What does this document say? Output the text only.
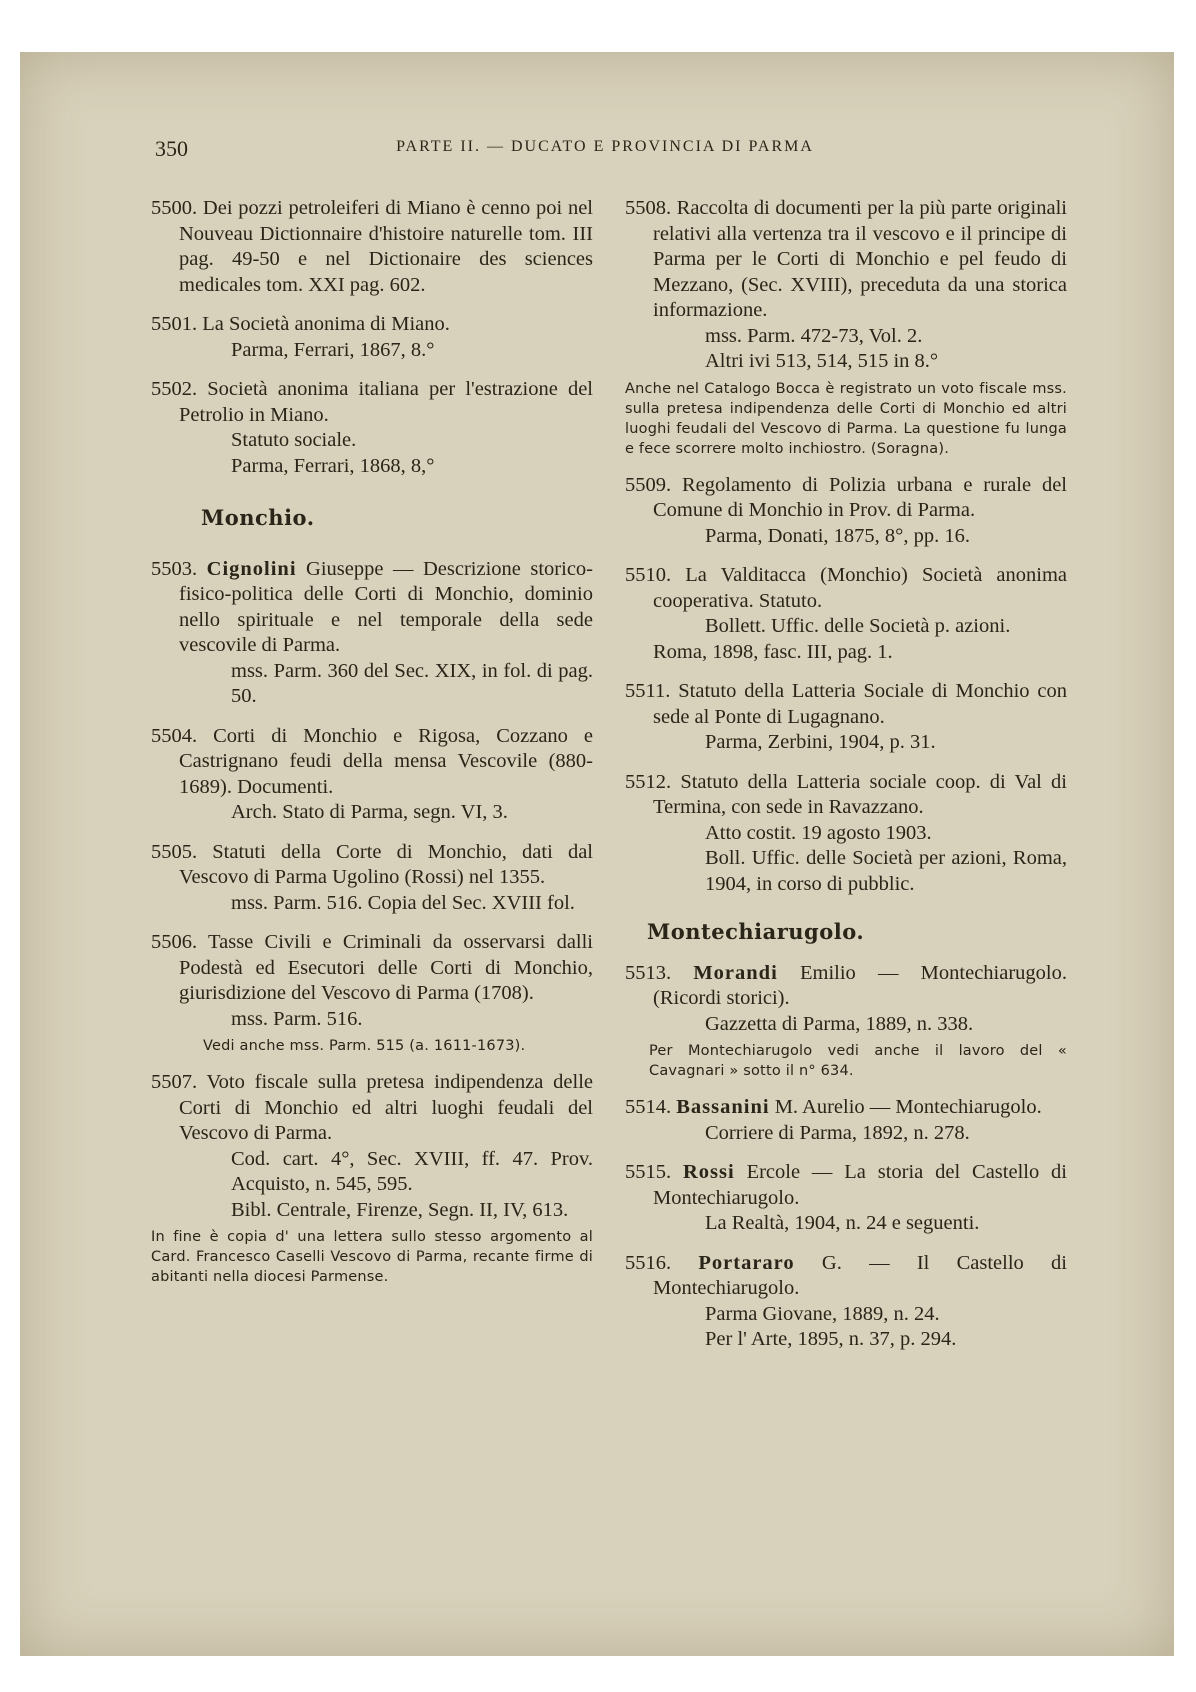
350	PARTE II. — DUCATO E PROVINCIA DI PARMA
5500. Dei pozzi petroleiferi di Miano è cenno poi nel Nouveau Dictionnaire d'histoire naturelle tom. III pag. 49-50 e nel Dictionaire des sciences medicales tom. XXI pag. 602.
5501. La Società anonima di Miano.
Parma, Ferrari, 1867, 8.°
5502. Società anonima italiana per l'estrazione del Petrolio in Miano.
Statuto sociale.
Parma, Ferrari, 1868, 8,°
Monchio.
5503. Cignolini Giuseppe — Descrizione storico-fisico-politica delle Corti di Monchio, dominio nello spirituale e nel temporale della sede vescovile di Parma.
mss. Parm. 360 del Sec. XIX, in fol. di pag. 50.
5504. Corti di Monchio e Rigosa, Cozzano e Castrignano feudi della mensa Vescovile (880-1689). Documenti.
Arch. Stato di Parma, segn. VI, 3.
5505. Statuti della Corte di Monchio, dati dal Vescovo di Parma Ugolino (Rossi) nel 1355.
mss. Parm. 516. Copia del Sec. XVIII fol.
5506. Tasse Civili e Criminali da osservarsi dalli Podestà ed Esecutori delle Corti di Monchio, giurisdizione del Vescovo di Parma (1708).
mss. Parm. 516.
Vedi anche mss. Parm. 515 (a. 1611-1673).
5507. Voto fiscale sulla pretesa indipendenza delle Corti di Monchio ed altri luoghi feudali del Vescovo di Parma.
Cod. cart. 4°, Sec. XVIII, ff. 47. Prov. Acquisto, n. 545, 595.
Bibl. Centrale, Firenze, Segn. II, IV, 613.
In fine è copia d' una lettera sullo stesso argomento al Card. Francesco Caselli Vescovo di Parma, recante firme di abitanti nella diocesi Parmense.
5508. Raccolta di documenti per la più parte originali relativi alla vertenza tra il vescovo e il principe di Parma per le Corti di Monchio e pel feudo di Mezzano, (Sec. XVIII), preceduta da una storica informazione.
mss. Parm. 472-73, Vol. 2.
Altri ivi 513, 514, 515 in 8.°
Anche nel Catalogo Bocca è registrato un voto fiscale mss. sulla pretesa indipendenza delle Corti di Monchio ed altri luoghi feudali del Vescovo di Parma. La questione fu lunga e fece scorrere molto inchiostro. (Soragna).
5509. Regolamento di Polizia urbana e rurale del Comune di Monchio in Prov. di Parma.
Parma, Donati, 1875, 8°, pp. 16.
5510. La Valditacca (Monchio) Società anonima cooperativa. Statuto.
Bollett. Uffic. delle Società p. azioni.
Roma, 1898, fasc. III, pag. 1.
5511. Statuto della Latteria Sociale di Monchio con sede al Ponte di Lugagnano.
Parma, Zerbini, 1904, p. 31.
5512. Statuto della Latteria sociale coop. di Val di Termina, con sede in Ravazzano.
Atto costit. 19 agosto 1903.
Boll. Uffic. delle Società per azioni, Roma, 1904, in corso di pubblic.
Montechiarugolo.
5513. Morandi Emilio — Montechiarugolo. (Ricordi storici).
Gazzetta di Parma, 1889, n. 338.
Per Montechiarugolo vedi anche il lavoro del « Cavagnari » sotto il n° 634.
5514. Bassanini M. Aurelio — Montechiarugolo.
Corriere di Parma, 1892, n. 278.
5515. Rossi Ercole — La storia del Castello di Montechiarugolo.
La Realtà, 1904, n. 24 e seguenti.
5516. Portararo G. — Il Castello di Montechiarugolo.
Parma Giovane, 1889, n. 24.
Per l' Arte, 1895, n. 37, p. 294.
